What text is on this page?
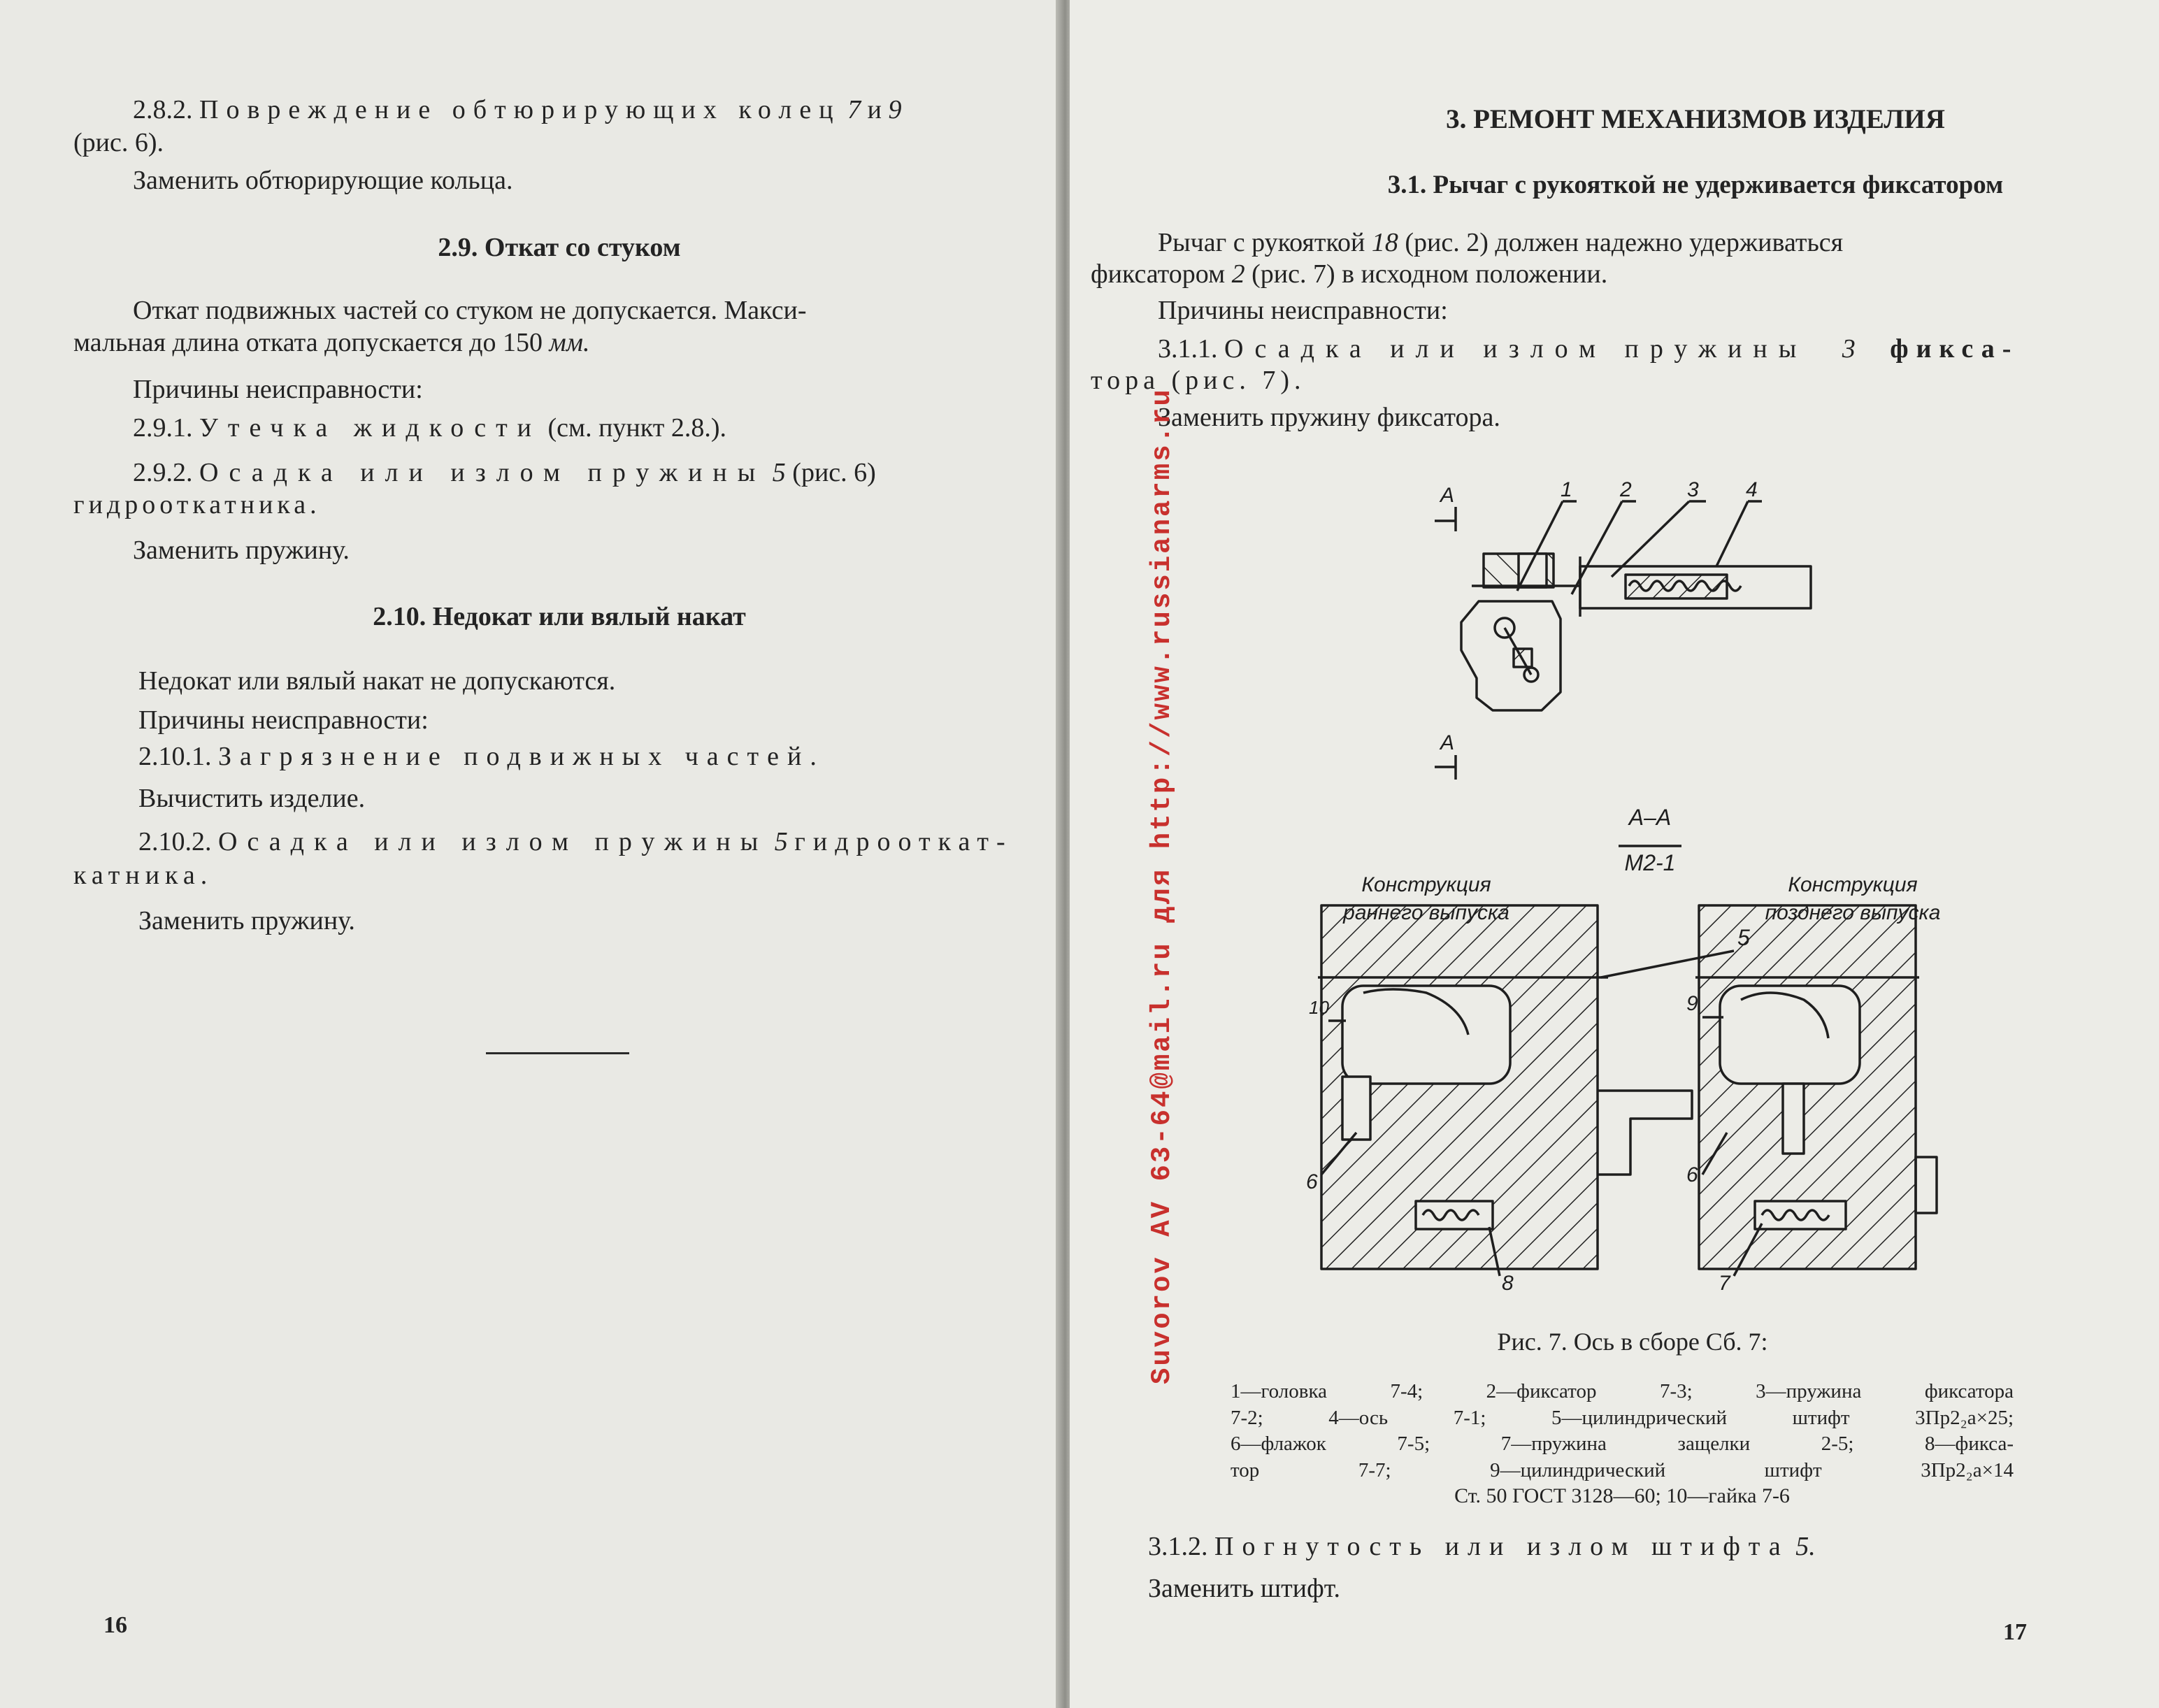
2.8.2. Повреждение обтюрирующих колец 7 и 9
(рис. 6).
Заменить обтюрирующие кольца.
2.9. Откат со стуком
Откат подвижных частей со стуком не допускается. Макси-
мальная длина отката допускается до 150 мм.
Причины неисправности:
2.9.1. Утечка жидкости (см. пункт 2.8.).
2.9.2. Осадка или излом пружины 5 (рис. 6)
гидрооткатника.
Заменить пружину.
2.10. Недокат или вялый накат
Недокат или вялый накат не допускаются.
Причины неисправности:
2.10.1. Загрязнение подвижных частей.
Вычистить изделие.
2.10.2. Осадка или излом пружины 5 гидрооткат-
катника.
Заменить пружину.
16
3. РЕМОНТ МЕХАНИЗМОВ ИЗДЕЛИЯ
3.1. Рычаг с рукояткой не удерживается фиксатором
Рычаг с рукояткой 18 (рис. 2) должен надежно удерживаться
фиксатором 2 (рис. 7) в исходном положении.
Причины неисправности:
3.1.1. Осадка или излом пружины 3 фикса-
тора (рис. 7).
Заменить пружину фиксатора.
А
А
1 2	3 4
А–А
М2-1
Конструкция
раннего выпуска
Конструкция
позднего выпуска
5
10	9
6	6
8	7
Рис. 7. Ось в сборе Сб. 7:
1—головка 7-4; 2—фиксатор 7-3; 3—пружина фиксатора
7-2; 4—ось 7-1; 5—цилиндрический штифт 3Пр2₂а×25;
6—флажок 7-5; 7—пружина защелки 2-5; 8—фикса-
тор 7-7; 9—цилиндрический штифт 3Пр2₂а×14
Ст. 50 ГОСТ 3128—60; 10—гайка 7-6
3.1.2. Погнутость или излом штифта 5.
Заменить штифт.
17
Suvorov AV 63-64@mail.ru для http://www.russianarms.ru
